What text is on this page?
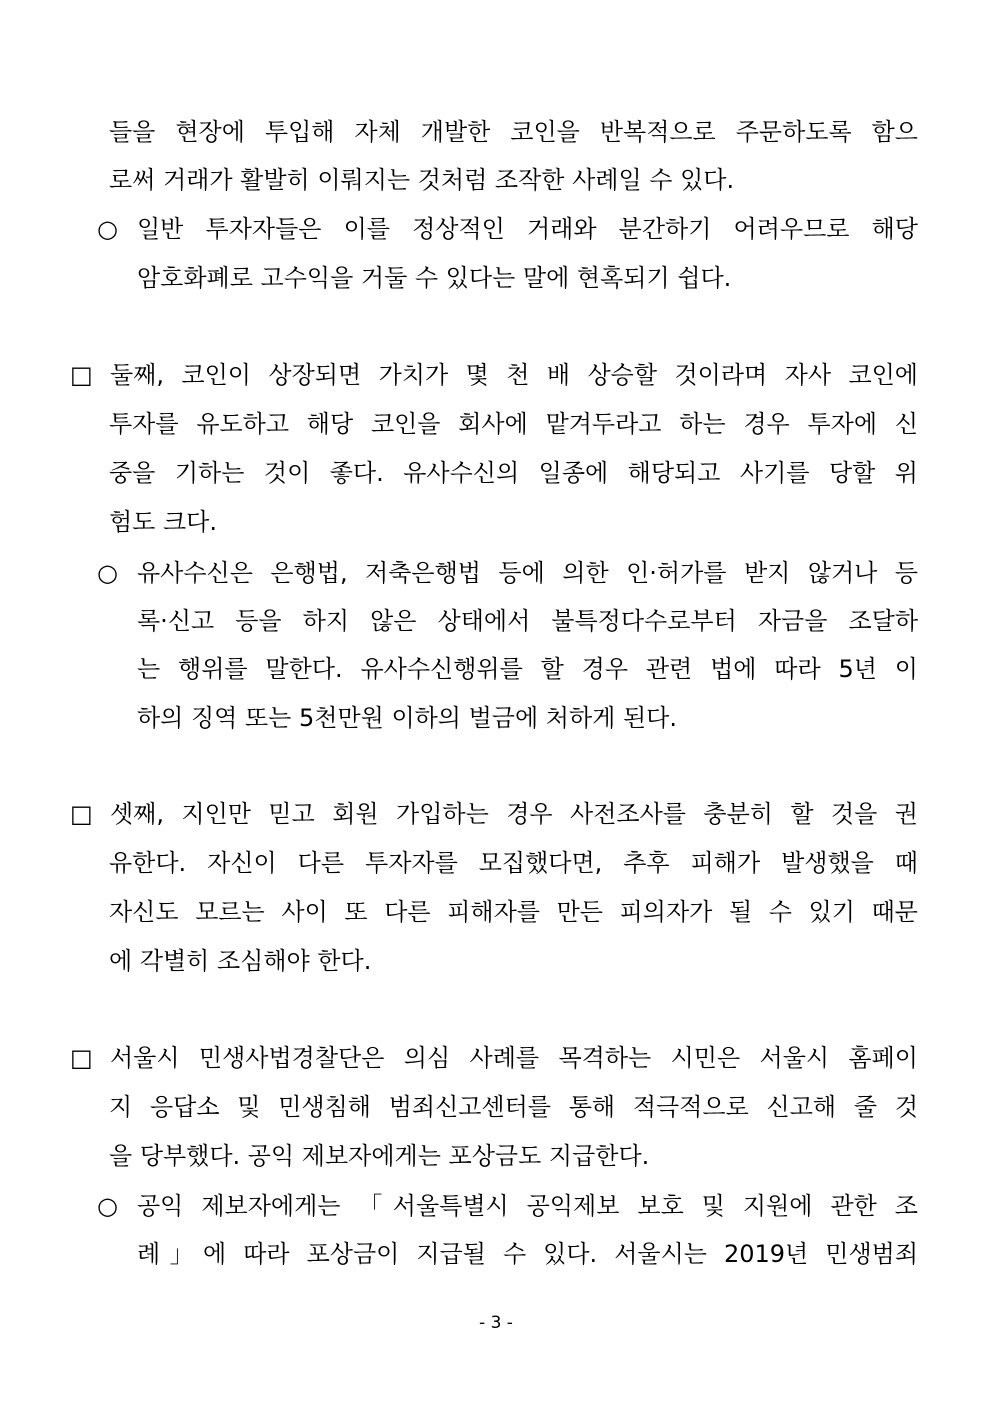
들을 현장에 투입해 자체 개발한 코인을 반복적으로 주문하도록 함으
로써 거래가 활발히 이뤄지는 것처럼 조작한 사례일 수 있다.
○ 일반 투자자들은 이를 정상적인 거래와 분간하기 어려우므로 해당
암호화폐로 고수익을 거둘 수 있다는 말에 현혹되기 쉽다.
□ 둘째, 코인이 상장되면 가치가 몇 천 배 상승할 것이라며 자사 코인에
투자를 유도하고 해당 코인을 회사에 맡겨두라고 하는 경우 투자에 신
중을 기하는 것이 좋다. 유사수신의 일종에 해당되고 사기를 당할 위
험도 크다.
○ 유사수신은 은행법, 저축은행법 등에 의한 인·허가를 받지 않거나 등
록·신고 등을 하지 않은 상태에서 불특정다수로부터 자금을 조달하
는 행위를 말한다. 유사수신행위를 할 경우 관련 법에 따라 5년 이
하의 징역 또는 5천만원 이하의 벌금에 처하게 된다.
□ 셋째, 지인만 믿고 회원 가입하는 경우 사전조사를 충분히 할 것을 권
유한다. 자신이 다른 투자자를 모집했다면, 추후 피해가 발생했을 때
자신도 모르는 사이 또 다른 피해자를 만든 피의자가 될 수 있기 때문
에 각별히 조심해야 한다.
□ 서울시 민생사법경찰단은 의심 사례를 목격하는 시민은 서울시 홈페이
지 응답소 및 민생침해 범죄신고센터를 통해 적극적으로 신고해 줄 것
을 당부했다. 공익 제보자에게는 포상금도 지급한다.
○ 공익 제보자에게는 「서울특별시 공익제보 보호 및 지원에 관한 조
례」에 따라 포상금이 지급될 수 있다. 서울시는 2019년 민생범죄
- 3 -
